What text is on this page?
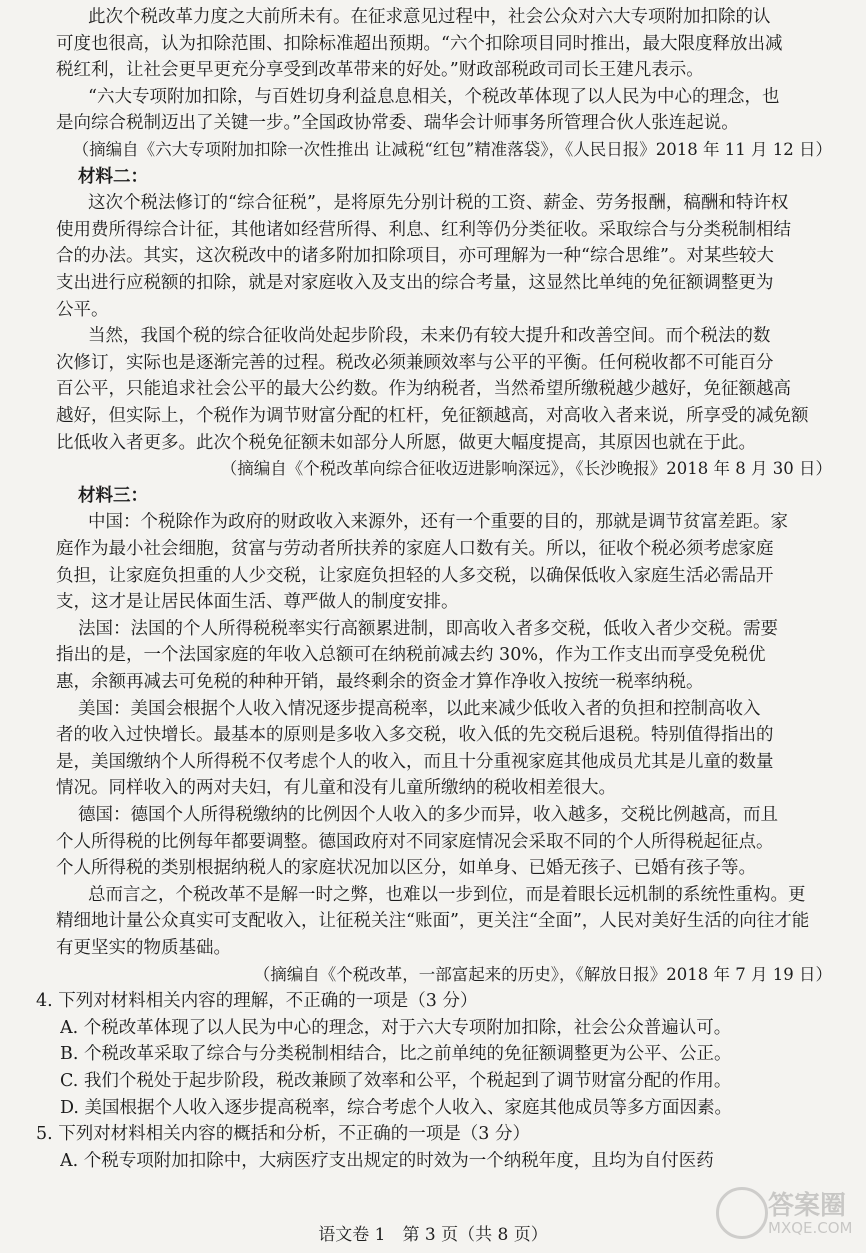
此次个税改革力度之大前所未有。在征求意见过程中，社会公众对六大专项附加扣除的认
可度也很高，认为扣除范围、扣除标准超出预期。“六个扣除项目同时推出，最大限度释放出减
税红利，让社会更早更充分享受到改革带来的好处。”财政部税政司司长王建凡表示。
“六大专项附加扣除，与百姓切身利益息息相关，个税改革体现了以人民为中心的理念，也
是向综合税制迈出了关键一步。”全国政协常委、瑞华会计师事务所管理合伙人张连起说。
（摘编自《六大专项附加扣除一次性推出 让减税“红包”精准落袋》，《人民日报》2018 年 11 月 12 日）
材料二：
这次个税法修订的“综合征税”，是将原先分别计税的工资、薪金、劳务报酬，稿酬和特许权
使用费所得综合计征，其他诸如经营所得、利息、红利等仍分类征收。采取综合与分类税制相结
合的办法。其实，这次税改中的诸多附加扣除项目，亦可理解为一种“综合思维”。对某些较大
支出进行应税额的扣除，就是对家庭收入及支出的综合考量，这显然比单纯的免征额调整更为
公平。
当然，我国个税的综合征收尚处起步阶段，未来仍有较大提升和改善空间。而个税法的数
次修订，实际也是逐渐完善的过程。税改必须兼顾效率与公平的平衡。任何税收都不可能百分
百公平，只能追求社会公平的最大公约数。作为纳税者，当然希望所缴税越少越好，免征额越高
越好，但实际上，个税作为调节财富分配的杠杆，免征额越高，对高收入者来说，所享受的减免额
比低收入者更多。此次个税免征额未如部分人所愿，做更大幅度提高，其原因也就在于此。
（摘编自《个税改革向综合征收迈进影响深远》，《长沙晚报》2018 年 8 月 30 日）
材料三：
中国：个税除作为政府的财政收入来源外，还有一个重要的目的，那就是调节贫富差距。家
庭作为最小社会细胞，贫富与劳动者所扶养的家庭人口数有关。所以，征收个税必须考虑家庭
负担，让家庭负担重的人少交税，让家庭负担轻的人多交税，以确保低收入家庭生活必需品开
支，这才是让居民体面生活、尊严做人的制度安排。
法国：法国的个人所得税税率实行高额累进制，即高收入者多交税，低收入者少交税。需要
指出的是，一个法国家庭的年收入总额可在纳税前减去约 30%，作为工作支出而享受免税优
惠，余额再减去可免税的种种开销，最终剩余的资金才算作净收入按统一税率纳税。
美国：美国会根据个人收入情况逐步提高税率，以此来减少低收入者的负担和控制高收入
者的收入过快增长。最基本的原则是多收入多交税，收入低的先交税后退税。特别值得指出的
是，美国缴纳个人所得税不仅考虑个人的收入，而且十分重视家庭其他成员尤其是儿童的数量
情况。同样收入的两对夫妇，有儿童和没有儿童所缴纳的税收相差很大。
德国：德国个人所得税缴纳的比例因个人收入的多少而异，收入越多，交税比例越高，而且
个人所得税的比例每年都要调整。德国政府对不同家庭情况会采取不同的个人所得税起征点。
个人所得税的类别根据纳税人的家庭状况加以区分，如单身、已婚无孩子、已婚有孩子等。
总而言之，个税改革不是解一时之弊，也难以一步到位，而是着眼长远机制的系统性重构。更
精细地计量公众真实可支配收入，让征税关注“账面”，更关注“全面”，人民对美好生活的向往才能
有更坚实的物质基础。
（摘编自《个税改革，一部富起来的历史》，《解放日报》2018 年 7 月 19 日）
4. 下列对材料相关内容的理解，不正确的一项是（3 分）
A. 个税改革体现了以人民为中心的理念，对于六大专项附加扣除，社会公众普遍认可。
B. 个税改革采取了综合与分类税制相结合，比之前单纯的免征额调整更为公平、公正。
C. 我们个税处于起步阶段，税改兼顾了效率和公平，个税起到了调节财富分配的作用。
D. 美国根据个人收入逐步提高税率，综合考虑个人收入、家庭其他成员等多方面因素。
5. 下列对材料相关内容的概括和分析，不正确的一项是（3 分）
A. 个税专项附加扣除中，大病医疗支出规定的时效为一个纳税年度，且均为自付医药
语文卷 1　第 3 页（共 8 页）
答案圈
MXQE.COM
